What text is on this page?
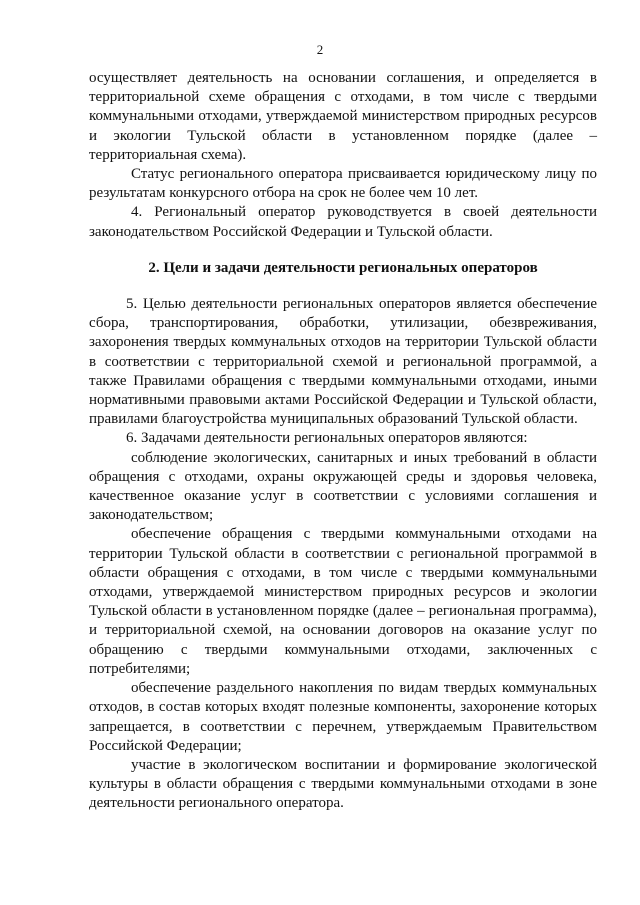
2

осуществляет деятельность на основании соглашения, и определяется в территориальной схеме обращения с отходами, в том числе с твердыми коммунальными отходами, утверждаемой министерством природных ресурсов и экологии Тульской области в установленном порядке (далее – территориальная схема).

Статус регионального оператора присваивается юридическому лицу по результатам конкурсного отбора на срок не более чем 10 лет.

4. Региональный оператор руководствуется в своей деятельности законодательством Российской Федерации и Тульской области.

2. Цели и задачи деятельности региональных операторов

5. Целью деятельности региональных операторов является обеспечение сбора, транспортирования, обработки, утилизации, обезвреживания, захоронения твердых коммунальных отходов на территории Тульской области в соответствии с территориальной схемой и региональной программой, а также Правилами обращения с твердыми коммунальными отходами, иными нормативными правовыми актами Российской Федерации и Тульской области, правилами благоустройства муниципальных образований Тульской области.

6. Задачами деятельности региональных операторов являются:

соблюдение экологических, санитарных и иных требований в области обращения с отходами, охраны окружающей среды и здоровья человека, качественное оказание услуг в соответствии с условиями соглашения и законодательством;

обеспечение обращения с твердыми коммунальными отходами на территории Тульской области в соответствии с региональной программой в области обращения с отходами, в том числе с твердыми коммунальными отходами, утверждаемой министерством природных ресурсов и экологии Тульской области в установленном порядке (далее – региональная программа), и территориальной схемой, на основании договоров на оказание услуг по обращению с твердыми коммунальными отходами, заключенных с потребителями;

обеспечение раздельного накопления по видам твердых коммунальных отходов, в состав которых входят полезные компоненты, захоронение которых запрещается, в соответствии с перечнем, утверждаемым Правительством Российской Федерации;

участие в экологическом воспитании и формирование экологической культуры в области обращения с твердыми коммунальными отходами в зоне деятельности регионального оператора.
